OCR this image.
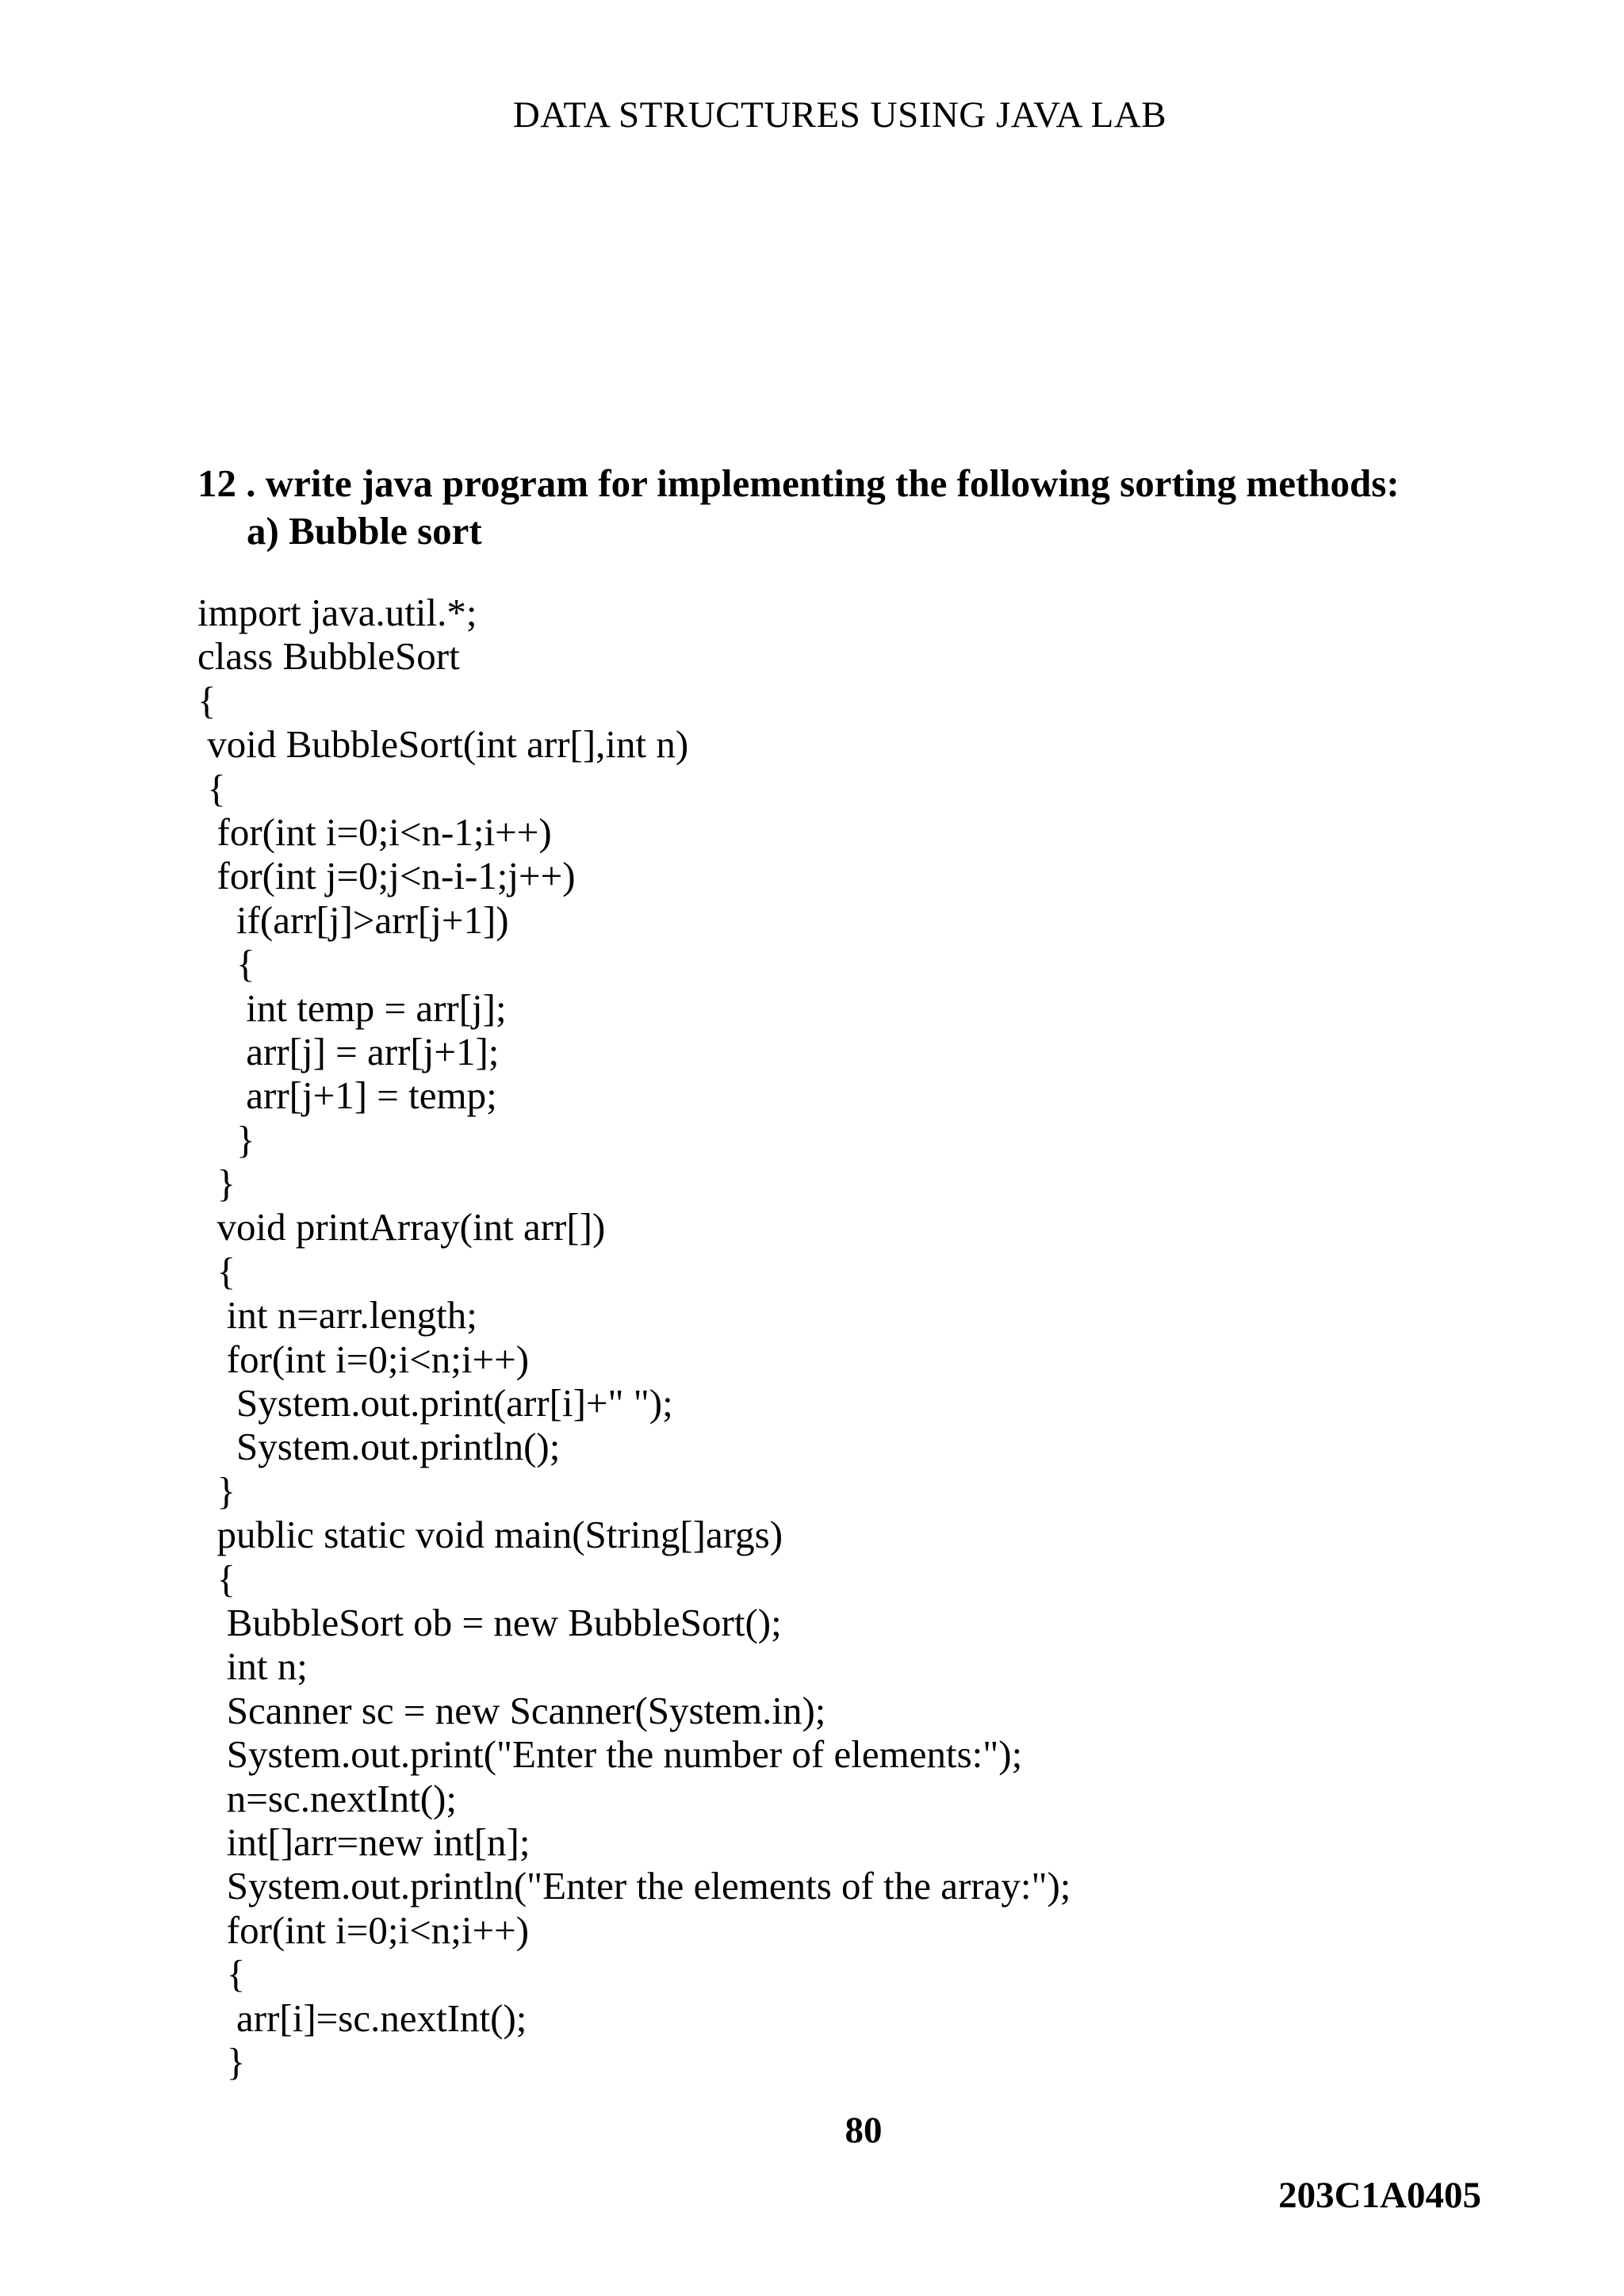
DATA STRUCTURES USING JAVA LAB
12 . write java program for implementing the following sorting methods:
a) Bubble sort
import java.util.*;
class BubbleSort
{
void BubbleSort(int arr[],int n)
{
for(int i=0;i<n-1;i++)
for(int j=0;j<n-i-1;j++)
if(arr[j]>arr[j+1])
{
int temp = arr[j];
arr[j] = arr[j+1];
arr[j+1] = temp;
}
}
void printArray(int arr[])
{
int n=arr.length;
for(int i=0;i<n;i++)
System.out.print(arr[i]+" ");
System.out.println();
}
public static void main(String[]args)
{
BubbleSort ob = new BubbleSort();
int n;
Scanner sc = new Scanner(System.in);
System.out.print("Enter the number of elements:");
n=sc.nextInt();
int[]arr=new int[n];
System.out.println("Enter the elements of the array:");
for(int i=0;i<n;i++)
{
arr[i]=sc.nextInt();
}
80
203C1A0405
